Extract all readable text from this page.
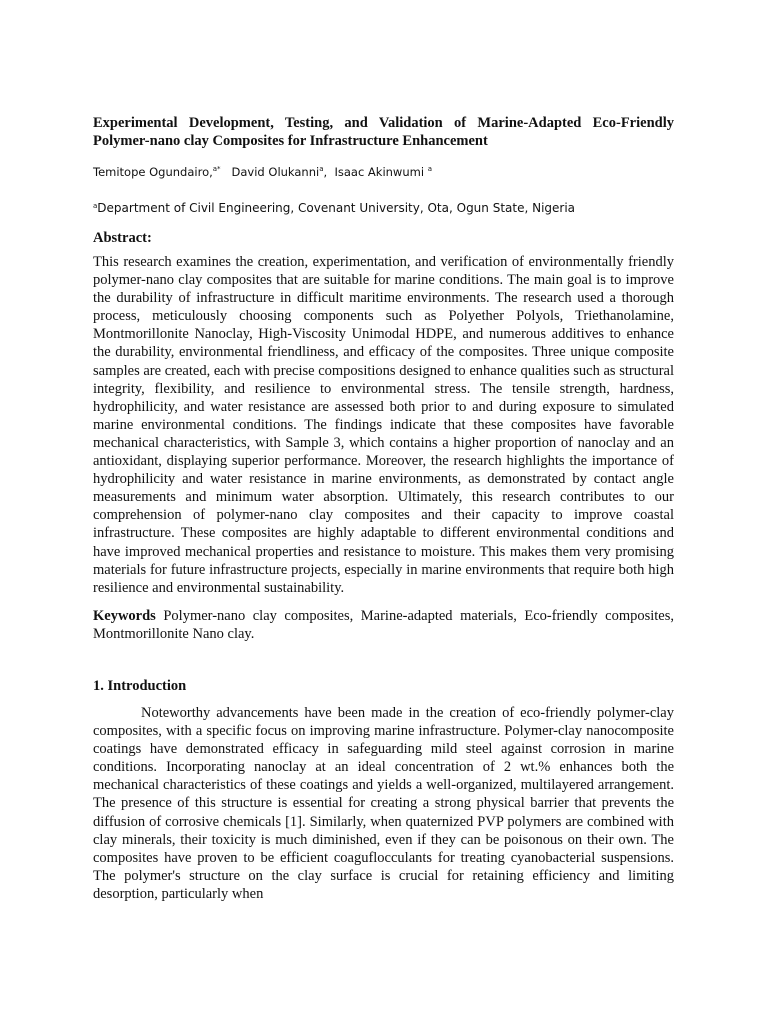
Experimental Development, Testing, and Validation of Marine-Adapted Eco-Friendly
Polymer-nano clay Composites for Infrastructure Enhancement
Temitope Ogundairo,$^{a*}$ David Olukanni$^a$,  Isaac Akinwumi $^a$
$^a$Department of Civil Engineering, Covenant University, Ota, Ogun State, Nigeria
Abstract:

This research examines the creation, experimentation, and verification of environmentally friendly polymer-nano clay composites that are suitable for marine conditions. The main goal is to improve the durability of infrastructure in difficult maritime environments. The research used a thorough process, meticulously choosing components such as Polyether Polyols, Triethanolamine, Montmorillonite Nanoclay, High-Viscosity Unimodal HDPE, and numerous additives to enhance the durability, environmental friendliness, and efficacy of the composites. Three unique composite samples are created, each with precise compositions designed to enhance qualities such as structural integrity, flexibility, and resilience to environmental stress. The tensile strength, hardness, hydrophilicity, and water resistance are assessed both prior to and during exposure to simulated marine environmental conditions. The findings indicate that these composites have favorable mechanical characteristics, with Sample 3, which contains a higher proportion of nanoclay and an antioxidant, displaying superior performance. Moreover, the research highlights the importance of hydrophilicity and water resistance in marine environments, as demonstrated by contact angle measurements and minimum water absorption. Ultimately, this research contributes to our comprehension of polymer-nano clay composites and their capacity to improve coastal infrastructure. These composites are highly adaptable to different environmental conditions and have improved mechanical properties and resistance to moisture. This makes them very promising materials for future infrastructure projects, especially in marine environments that require both high resilience and environmental sustainability.

Keywords Polymer-nano clay composites, Marine-adapted materials, Eco-friendly composites, Montmorillonite Nano clay.

1. Introduction

Noteworthy advancements have been made in the creation of eco-friendly polymer-clay composites, with a specific focus on improving marine infrastructure. Polymer-clay nanocomposite coatings have demonstrated efficacy in safeguarding mild steel against corrosion in marine conditions. Incorporating nanoclay at an ideal concentration of 2 wt.% enhances both the mechanical characteristics of these coatings and yields a well-organized, multilayered arrangement. The presence of this structure is essential for creating a strong physical barrier that prevents the diffusion of corrosive chemicals [1]. Similarly, when quaternized PVP polymers are combined with clay minerals, their toxicity is much diminished, even if they can be poisonous on their own. The composites have proven to be efficient coaguflocculants for treating cyanobacterial suspensions. The polymer's structure on the clay surface is crucial for retaining efficiency and limiting desorption, particularly when
